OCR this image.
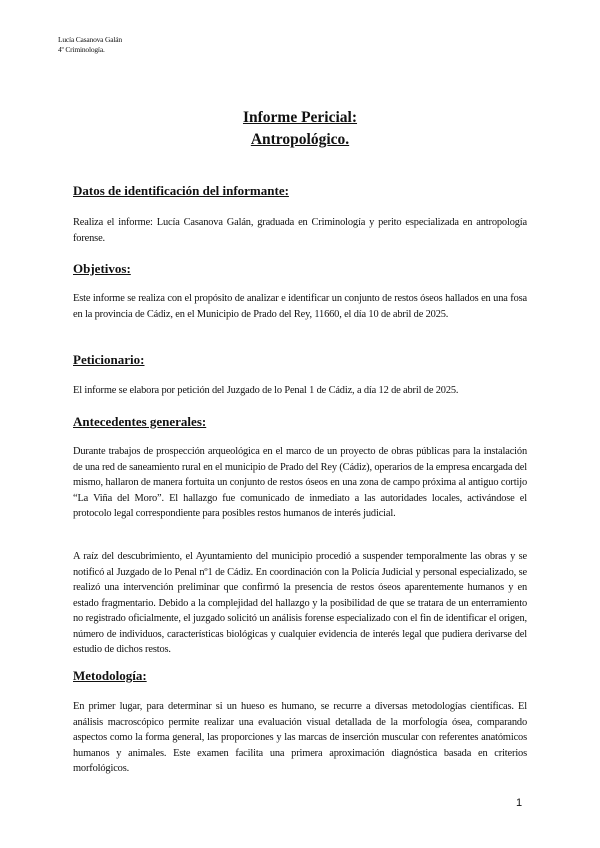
Lucía Casanova Galán
4º Criminología.
Informe Pericial:
Antropológico.
Datos de identificación del informante:
Realiza el informe: Lucía Casanova Galán, graduada en Criminología y perito especializada en antropología forense.
Objetivos:
Este informe se realiza con el propósito de analizar e identificar un conjunto de restos óseos hallados en una fosa en la provincia de Cádiz, en el Municipio de Prado del Rey, 11660, el día 10 de abril de 2025.
Peticionario:
El informe se elabora por petición del Juzgado de lo Penal 1 de Cádiz, a día 12 de abril de 2025.
Antecedentes generales:
Durante trabajos de prospección arqueológica en el marco de un proyecto de obras públicas para la instalación de una red de saneamiento rural en el municipio de Prado del Rey (Cádiz), operarios de la empresa encargada del mismo, hallaron de manera fortuita un conjunto de restos óseos en una zona de campo próxima al antiguo cortijo “La Viña del Moro”. El hallazgo fue comunicado de inmediato a las autoridades locales, activándose el protocolo legal correspondiente para posibles restos humanos de interés judicial.
A raíz del descubrimiento, el Ayuntamiento del municipio procedió a suspender temporalmente las obras y se notificó al Juzgado de lo Penal nº1 de Cádiz. En coordinación con la Policía Judicial y personal especializado, se realizó una intervención preliminar que confirmó la presencia de restos óseos aparentemente humanos y en estado fragmentario. Debido a la complejidad del hallazgo y la posibilidad de que se tratara de un enterramiento no registrado oficialmente, el juzgado solicitó un análisis forense especializado con el fin de identificar el origen, número de individuos, características biológicas y cualquier evidencia de interés legal que pudiera derivarse del estudio de dichos restos.
Metodología:
En primer lugar, para determinar si un hueso es humano, se recurre a diversas metodologías científicas. El análisis macroscópico permite realizar una evaluación visual detallada de la morfología ósea, comparando aspectos como la forma general, las proporciones y las marcas de inserción muscular con referentes anatómicos humanos y animales. Este examen facilita una primera aproximación diagnóstica basada en criterios morfológicos.
1
